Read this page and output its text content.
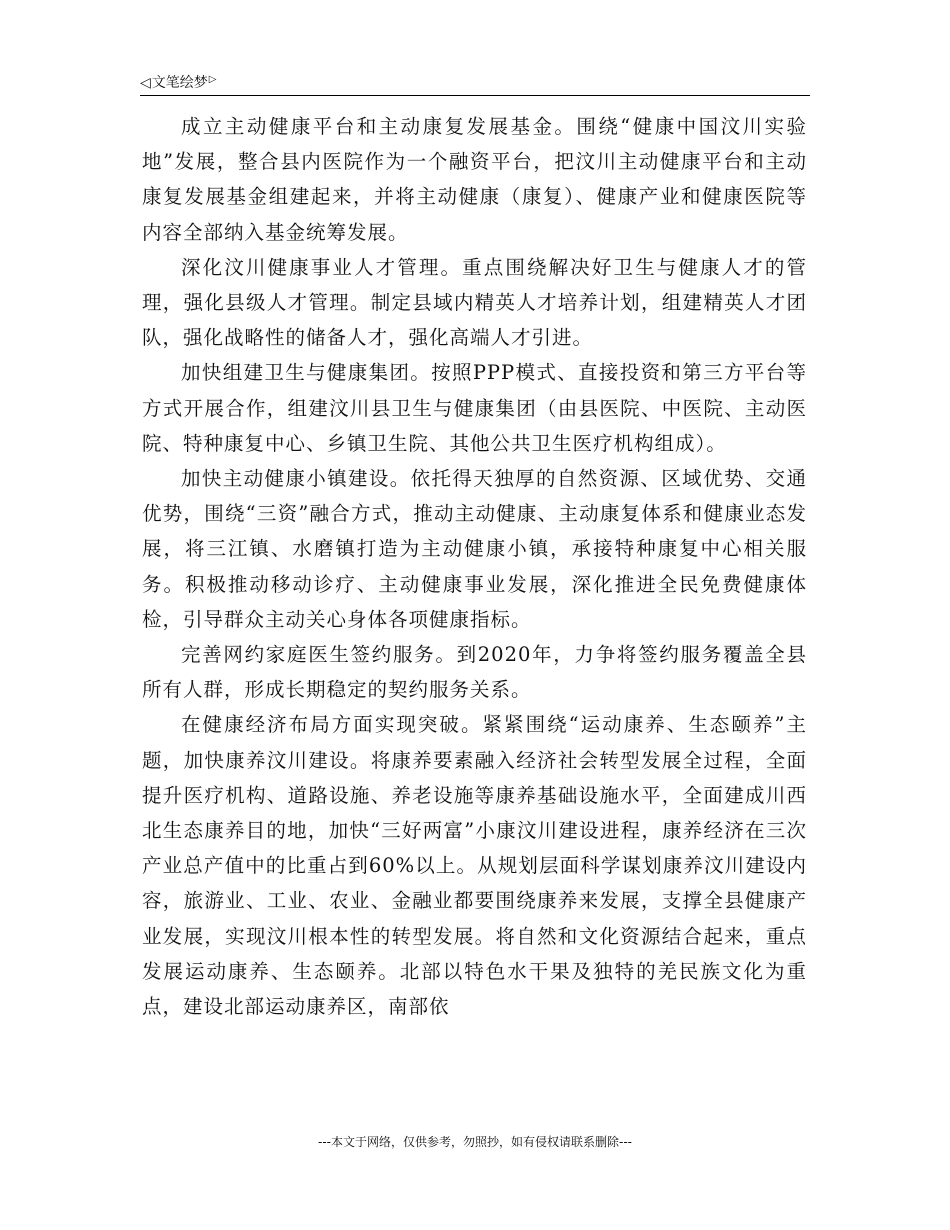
◁ 文笔绘梦 ▷

成立主动健康平台和主动康复发展基金。围绕“健康中国汶川实验地”发展，整合县内医院作为一个融资平台，把汶川主动健康平台和主动康复发展基金组建起来，并将主动健康（康复）、健康产业和健康医院等内容全部纳入基金统筹发展。

深化汶川健康事业人才管理。重点围绕解决好卫生与健康人才的管理，强化县级人才管理。制定县域内精英人才培养计划，组建精英人才团队，强化战略性的储备人才，强化高端人才引进。

加快组建卫生与健康集团。按照PPP模式、直接投资和第三方平台等方式开展合作，组建汶川县卫生与健康集团（由县医院、中医院、主动医院、特种康复中心、乡镇卫生院、其他公共卫生医疗机构组成）。

加快主动健康小镇建设。依托得天独厚的自然资源、区域优势、交通优势，围绕“三资”融合方式，推动主动健康、主动康复体系和健康业态发展，将三江镇、水磨镇打造为主动健康小镇，承接特种康复中心相关服务。积极推动移动诊疗、主动健康事业发展，深化推进全民免费健康体检，引导群众主动关心身体各项健康指标。

完善网约家庭医生签约服务。到2020年，力争将签约服务覆盖全县所有人群，形成长期稳定的契约服务关系。

在健康经济布局方面实现突破。紧紧围绕“运动康养、生态颐养”主题，加快康养汶川建设。将康养要素融入经济社会转型发展全过程，全面提升医疗机构、道路设施、养老设施等康养基础设施水平，全面建成川西北生态康养目的地，加快“三好两富”小康汶川建设进程，康养经济在三次产业总产值中的比重占到60%以上。从规划层面科学谋划康养汶川建设内容，旅游业、工业、农业、金融业都要围绕康养来发展，支撑全县健康产业发展，实现汶川根本性的转型发展。将自然和文化资源结合起来，重点发展运动康养、生态颐养。北部以特色水干果及独特的羌民族文化为重点，建设北部运动康养区，南部依

---本文于网络，仅供参考，勿照抄，如有侵权请联系删除---
